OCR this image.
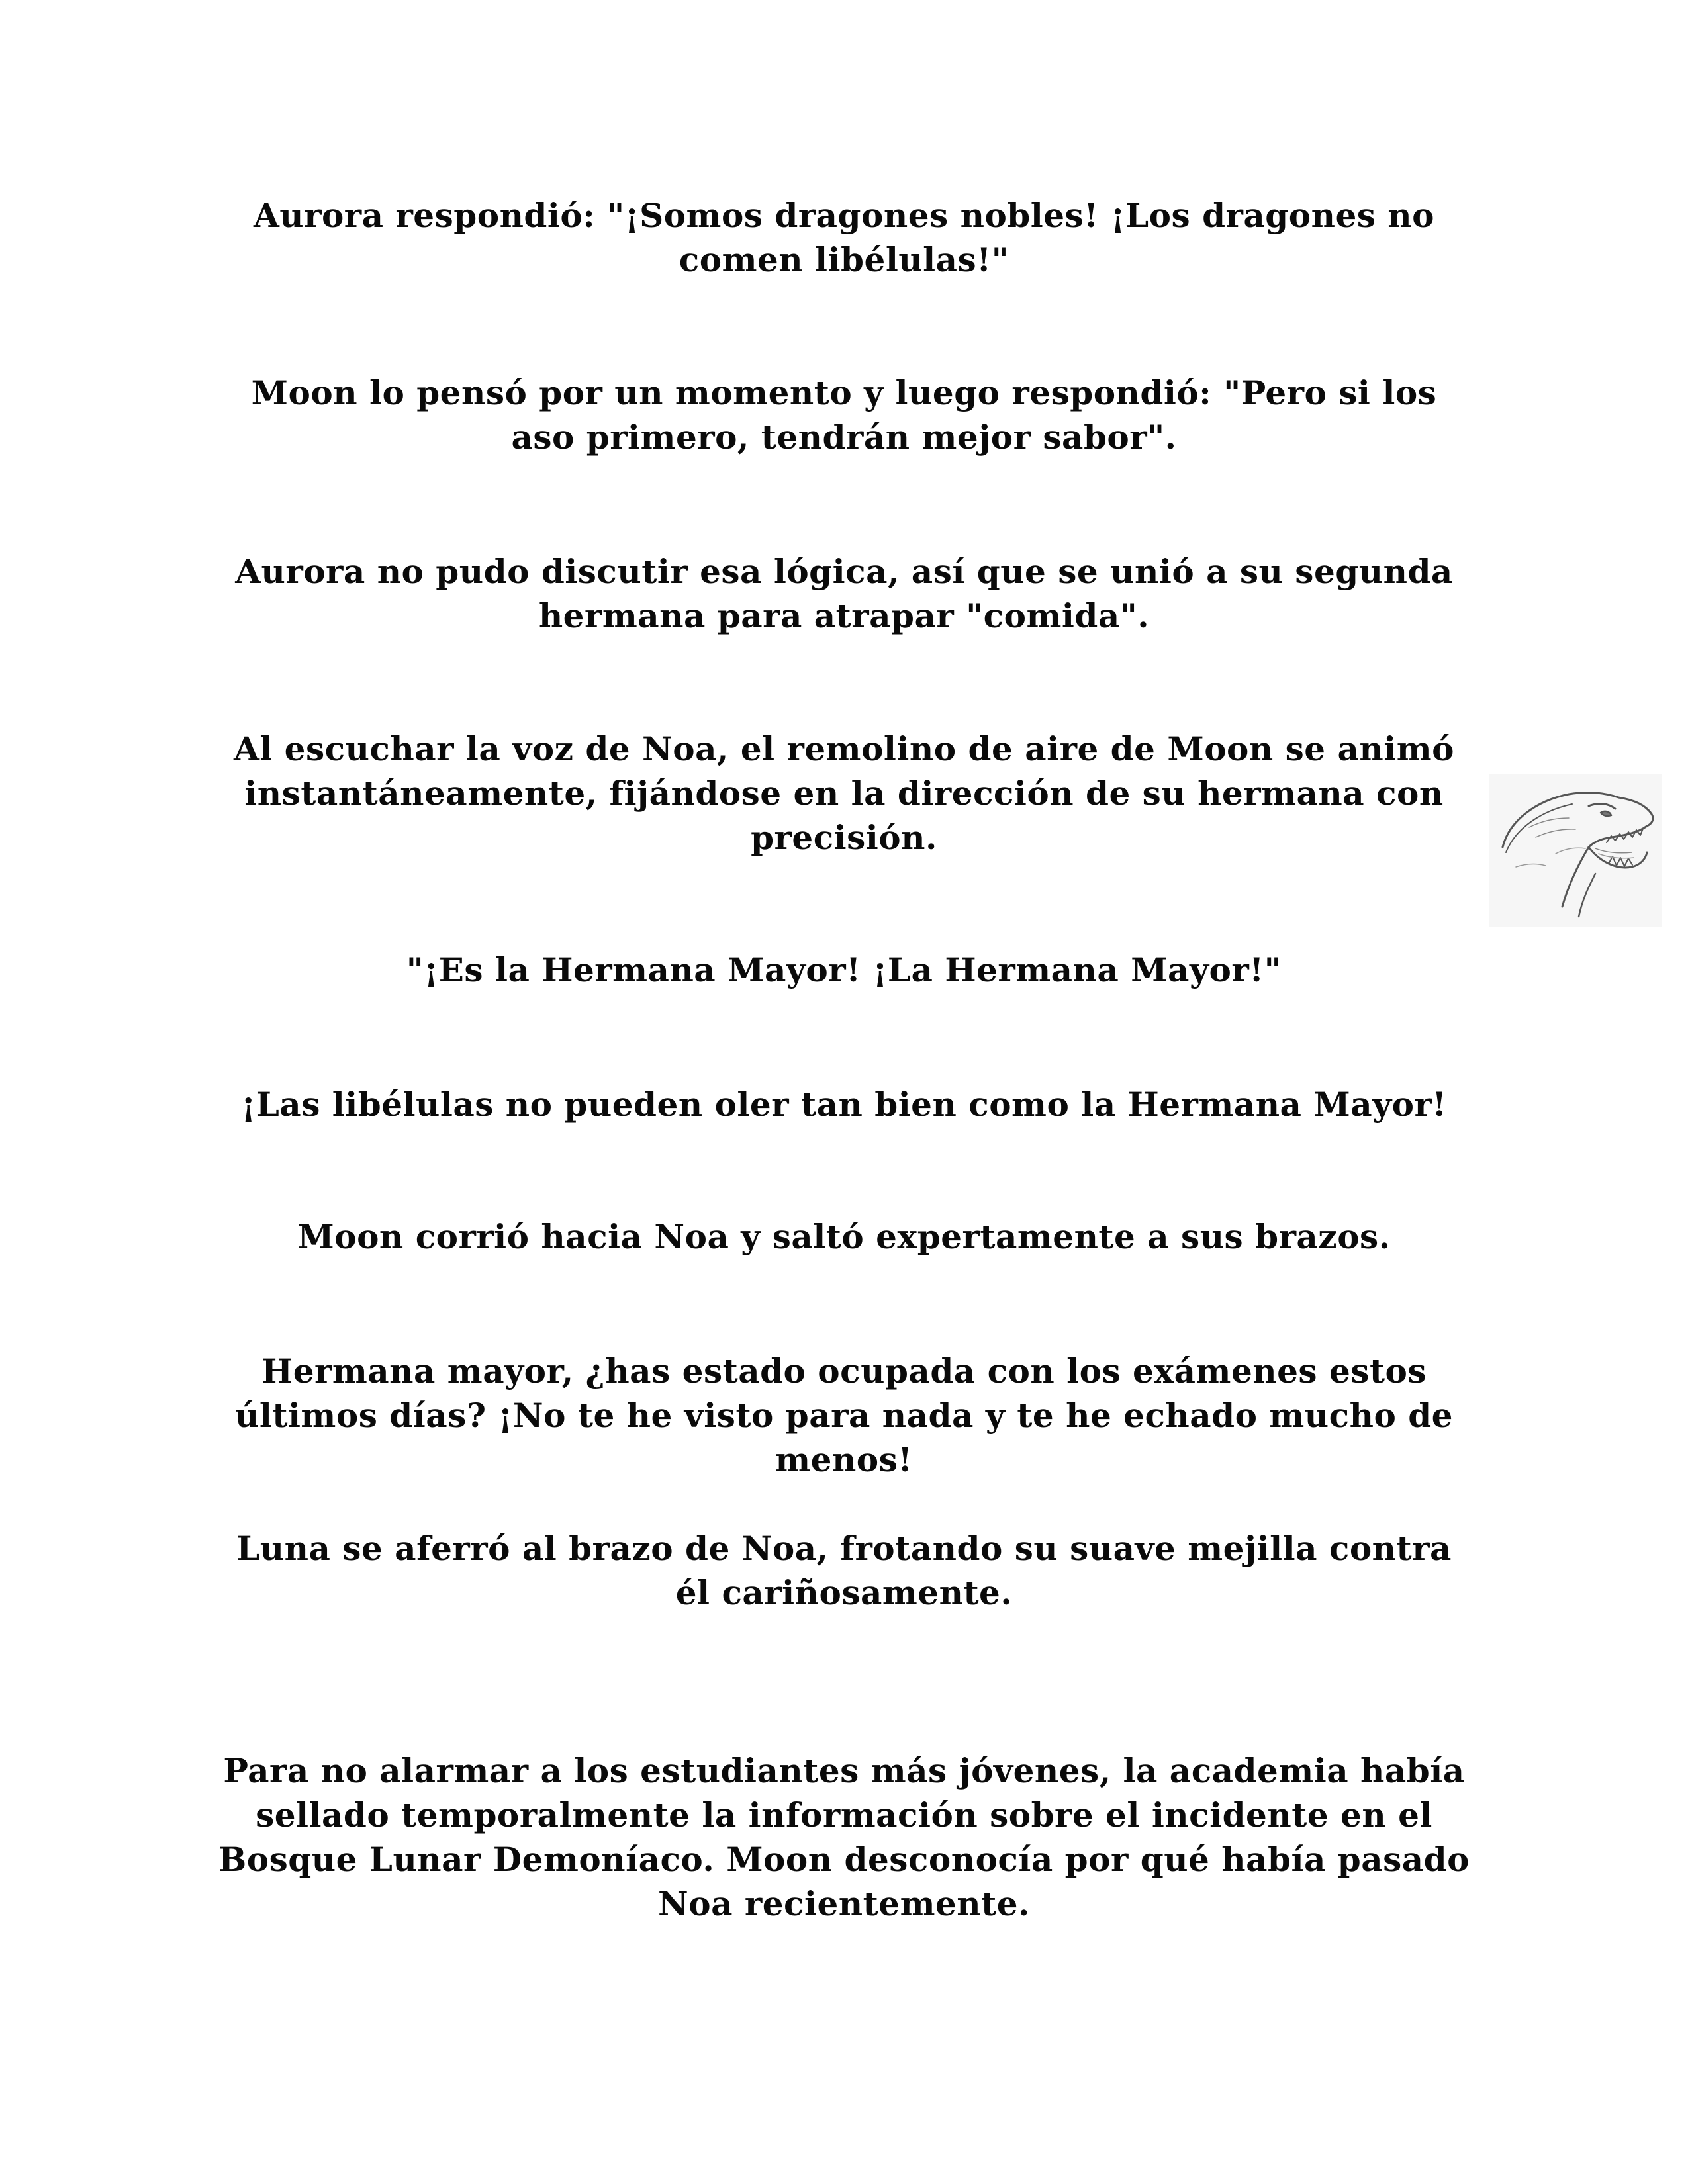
Aurora respondió: "¡Somos dragones nobles! ¡Los dragones no comen libélulas!"

Moon lo pensó por un momento y luego respondió: "Pero si los aso primero, tendrán mejor sabor".

Aurora no pudo discutir esa lógica, así que se unió a su segunda hermana para atrapar "comida".

Al escuchar la voz de Noa, el remolino de aire de Moon se animó instantáneamente, fijándose en la dirección de su hermana con precisión.

"¡Es la Hermana Mayor! ¡La Hermana Mayor!"

¡Las libélulas no pueden oler tan bien como la Hermana Mayor!

Moon corrió hacia Noa y saltó expertamente a sus brazos.

Hermana mayor, ¿has estado ocupada con los exámenes estos últimos días? ¡No te he visto para nada y te he echado mucho de menos!

Luna se aferró al brazo de Noa, frotando su suave mejilla contra él cariñosamente.

Para no alarmar a los estudiantes más jóvenes, la academia había sellado temporalmente la información sobre el incidente en el Bosque Lunar Demoníaco. Moon desconocía por qué había pasado Noa recientemente.
